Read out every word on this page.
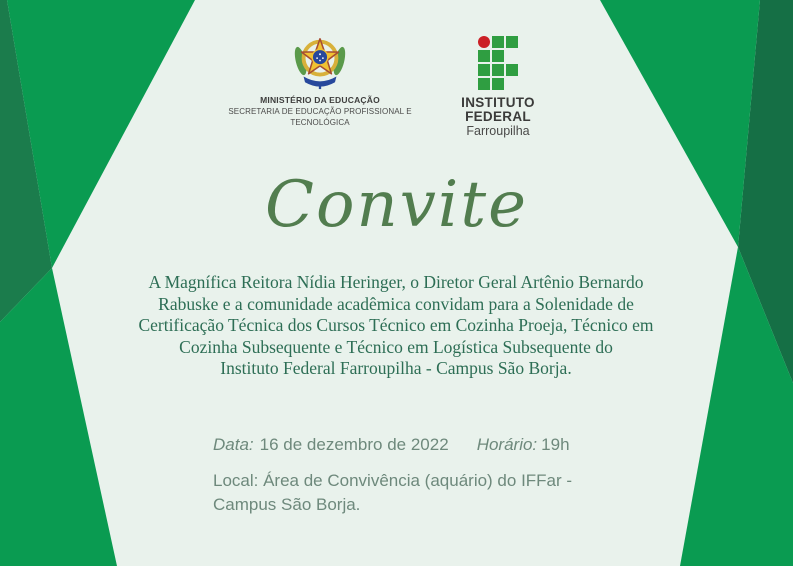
MINISTÉRIO DA EDUCAÇÃO
SECRETARIA DE EDUCAÇÃO PROFISSIONAL E TECNOLÓGICA
INSTITUTO
FEDERAL
Farroupilha
Convite
A Magnífica Reitora Nídia Heringer, o Diretor Geral Artênio Bernardo
Rabuske e a comunidade acadêmica convidam para a Solenidade de
Certificação Técnica dos Cursos Técnico em Cozinha Proeja, Técnico em
Cozinha Subsequente e Técnico em Logística Subsequente do
Instituto Federal Farroupilha - Campus São Borja.
Data: 16 de dezembro de 2022 Horário: 19h
Local: Área de Convivência (aquário) do IFFar -
Campus São Borja.
